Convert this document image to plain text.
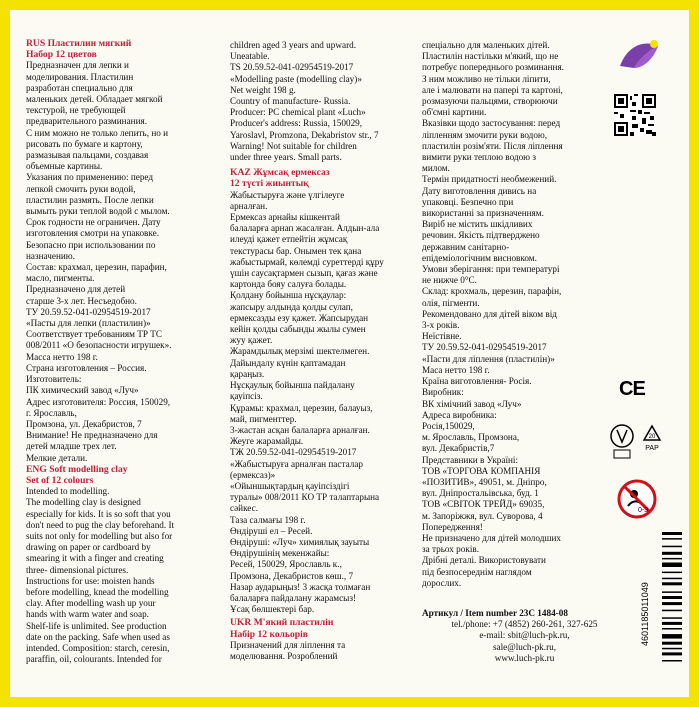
RUS Пластилин мягкий

Набор 12 цветов

Предназначен для лепки и

моделирования. Пластилин

разработан специально для

маленьких детей. Обладает мягкой

текстурой, не требующей

предварительного разминания.

С ним можно не только лепить, но и

рисовать по бумаге и картону,

размазывая пальцами, создавая

объемные картины.

Указания по применению: перед

лепкой смочить руки водой,

пластилин размять. После лепки

вымыть руки теплой водой с мылом.

Срок годности не ограничен. Дату

изготовления смотри на упаковке.

Безопасно при использовании по

назначению.

Состав: крахмал, церезин, парафин,

масло, пигменты.

Предназначено для детей

старше 3-х лет. Несъедобно.

ТУ 20.59.52-041-02954519-2017

«Пасты для лепки (пластилин)»

Соответствует требованиям ТР ТС

008/2011 «О безопасности игрушек».

Масса нетто 198 г.

Страна изготовления – Россия.

Изготовитель:

ПК химический завод «Луч»

Адрес изготовителя: Россия, 150029,

г. Ярославль,

Промзона, ул. Декабристов, 7

Внимание! Не предназначено для

детей младше трех лет.

Мелкие детали.

ENG Soft modelling clay

Set of 12 colours

Intended to modelling.

The modelling clay is designed

especially for kids. It is so soft that you

don't need to pug the clay beforehand. It

suits not only for modelling but also for

drawing on paper or cardboard by

smearing it with a finger and creating

three- dimensional pictures.

Instructions for use: moisten hands

before modelling, knead the modelling

clay. After modelling wash up your

hands with warm water and soap.

Shelf-life is unlimited. See production

date on the packing. Safe when used as

intended. Composition: starch, ceresin,

paraffin, oil, colourants. Intended for

children aged 3 years and upward.

Uneatable.

TS 20.59.52-041-02954519-2017

«Modelling paste (modelling clay)»

Net weight 198 g.

Country of manufacture- Russia.

Producer: PC chemical plant «Luch»

Producer's address: Russia, 150029,

Yaroslavl, Promzona, Dekabristov str., 7

Warning! Not suitable for children

under three years. Small parts.

KAZ Жұмсақ ермексаз

12 түсті жиынтық

Жабыстыруға және үлгілеуге

арналған.

Ермексаз арнайы кішкентай

балаларға арнап жасалған. Алдын-ала

илеуді қажет етпейтін жұмсақ

текстурасы бар. Онымен тек қана

жабыстырмай, көлемді суреттерді құру

үшін саусақтармен сызып, қағаз және

картонда бояу салуға болады.

Қолдану бойынша нұсқаулар:

жапсыру алдында қолды сулап,

ермексазды езу қажет. Жапсырудан

кейін қолды сабынды жылы сумен

жуу қажет.

Жарамдылық мерзімі шектелмеген.

Дайындалу күнін қаптамадан

қараңыз.

Нұсқаулық бойынша пайдалану

қауіпсіз.

Құрамы: крахмал, церезин, балауыз,

май, пигменттер.

3-жастан асқан балаларға арналған.

Жеуге жарамайды.

ТЖ 20.59.52-041-02954519-2017

«Жабыстыруға арналған пасталар

(ермексаз)»

«Ойыншықтардың қауіпсіздігі

туралы» 008/2011 КО ТР талаптарына

сәйкес.

Таза салмағы 198 г.

Өндірушi ел – Ресей.

Өндіруші: «Луч» химиялық зауыты

Өндірушінің мекенжайы:

Ресей, 150029, Ярославль к.,

Промзона, Декабристов көш., 7

Назар аударыңыз! 3 жасқа толмаған

балаларға пайдалану жарамсыз!

Ұсақ бөлшектері бар.

UKR М'який пластилін

Набір 12 кольорів

Призначений для ліплення та

моделювання. Розроблений

спеціально для маленьких дітей.

Пластилін настільки м'який, що не

потребує попереднього розминання.

З ним можливо не тільки ліпити,

але і малювати на папері та картоні,

розмазуючи пальцями, створюючи

об'ємні картини.

Вказівки щодо застосування: перед

ліпленням змочити руки водою,

пластилін розім'яти. Після ліплення

вимити руки теплою водою з

милом.

Термін придатності необмежений.

Дату виготовлення дивись на

упаковці. Безпечно при

використанні за призначенням.

Виріб не містить шкідливих

речовин. Якість підтверджено

державним санітарно-

епідеміологічним висновком.

Умови зберігання: при температурі

не нижче 0°С.

Склад: крохмаль, церезин, парафін,

олія, пігменти.

Рекомендовано для дітей віком від

3-х років.

Неїстівне.

ТУ 20.59.52-041-02954519-2017

«Пасти для ліплення (пластилін)»

Маса нетто 198 г.

Країна виготовлення- Росія.

Виробник:

ВК хімічний завод «Луч»

Адреса виробника:

Росія,150029,

м. Ярославль, Промзона,

вул. Декабристів,7

Представники в Україні:

ТОВ «ТОРГОВА КОМПАНІЯ

«ПОЗИТИВ», 49051, м. Дніпро,

вул. Дніпростальівська, буд. 1

ТОВ «СВІТОК ТРЕЙД» 69035,

м. Запоріжжя, вул. Суворова, 4

Попередження!

Не призначено для дітей молодших

за трьох років.

Дрібні деталі. Використовувати

під безпосереднім наглядом

дорослих.

Артикул / Item number 23С 1484-08

tel./phone: +7 (4852) 260-261, 327-625

e-mail: sbit@luch-pk.ru,

sale@luch-pk.ru,

www.luch-pk.ru

CE
20
PAP
0-3
4601185011049
